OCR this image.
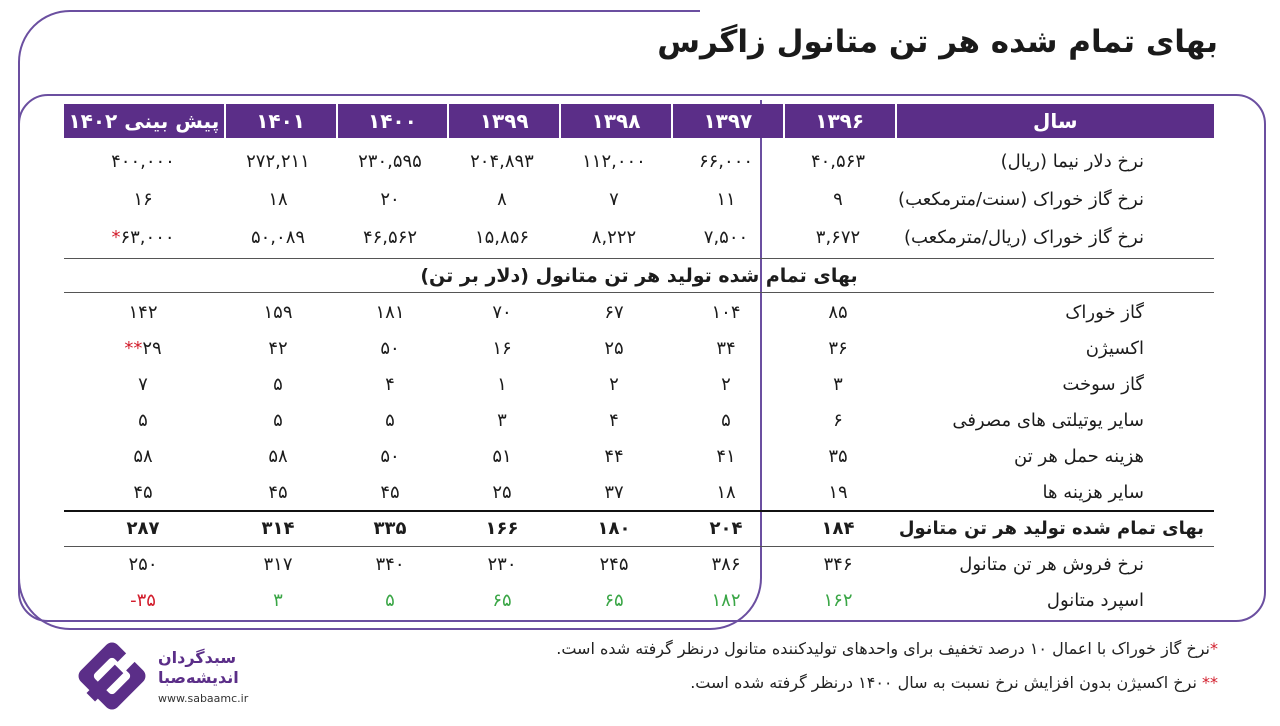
بهای تمام شده هر تن متانول زاگرس
سال
۱۳۹۶
۱۳۹۷
۱۳۹۸
۱۳۹۹
۱۴۰۰
۱۴۰۱
پیش بینی ۱۴۰۲
نرخ دلار نیما (ریال)
۴۰,۵۶۳
۶۶,۰۰۰
۱۱۲,۰۰۰
۲۰۴,۸۹۳
۲۳۰,۵۹۵
۲۷۲,۲۱۱
۴۰۰,۰۰۰
نرخ گاز خوراک (سنت/مترمکعب)
۹
۱۱
۷
۸
۲۰
۱۸
۱۶
نرخ گاز خوراک (ریال/مترمکعب)
۳,۶۷۲
۷,۵۰۰
۸,۲۲۲
۱۵,۸۵۶
۴۶,۵۶۲
۵۰,۰۸۹
۶۳,۰۰۰*
بهای تمام شده تولید هر تن متانول (دلار بر تن)
گاز خوراک
۸۵
۱۰۴
۶۷
۷۰
۱۸۱
۱۵۹
۱۴۲
اکسیژن
۳۶
۳۴
۲۵
۱۶
۵۰
۴۲
۲۹**
گاز سوخت
۳
۲
۲
۱
۴
۵
۷
سایر یوتیلتی های مصرفی
۶
۵
۴
۳
۵
۵
۵
هزینه حمل هر تن
۳۵
۴۱
۴۴
۵۱
۵۰
۵۸
۵۸
سایر هزینه ها
۱۹
۱۸
۳۷
۲۵
۴۵
۴۵
۴۵
بهای تمام شده تولید هر تن متانول
۱۸۴
۲۰۴
۱۸۰
۱۶۶
۳۳۵
۳۱۴
۲۸۷
نرخ فروش هر تن متانول
۳۴۶
۳۸۶
۲۴۵
۲۳۰
۳۴۰
۳۱۷
۲۵۰
اسپرد متانول
۱۶۲
۱۸۲
۶۵
۶۵
۵
۳
-۳۵
*نرخ گاز خوراک با اعمال ۱۰ درصد تخفیف برای واحدهای تولیدکننده متانول درنظر گرفته شده است.
** نرخ اکسیژن بدون افزایش نرخ نسبت به سال ۱۴۰۰ درنظر گرفته شده است.
سبدگردان
اندیشه‌صبا
www.sabaamc.ir
